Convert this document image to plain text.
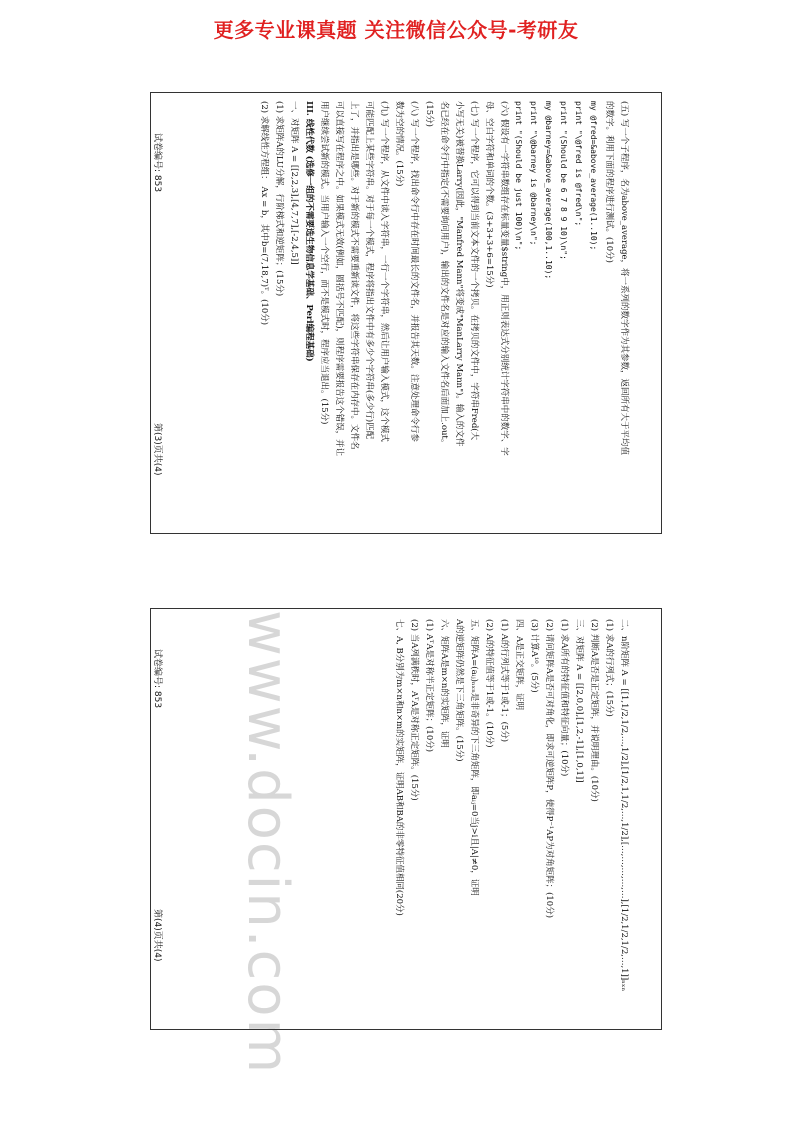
更多专业课真题 关注微信公众号-考研友
www.docin.com
(五) 写一个子程序，名为above_average，将一系列的数字作为其参数，返回所有大于平均值
的数字。利用下面的程序进行测试。(10分)
my @fred=&above_average(1..10);
print "\@fred is @fred\n";
print "(Should be 6 7 8 9 10)\n";
my @barney=&above_average(100,1..10);
print "\@barney is @barney\n";
print "(Should be just 100)\n";
(六) 假设有一字符串数组存在标量变量$string中，用正则表达式分别统计字符串中的数字、字
母、空白字符和单词的个数。(3+3+3+6=15分)
(七) 写一个程序，它可以得到当前文本文件的一个拷贝。在拷贝的文件中，字符串Fred(大
小写无关)被替换Larry(因此，"Manfred Mann"将变成"ManLarry Mann")。输入的文件
名已经在命令行中指定(不需要询问用户)，输出的文件名是对应的输入文件名后面加上.out。
(15分)
(八) 写一个程序，找出命令行中存在时间最长的文件名，并报告其天数。注意处理命令行参
数为空的情况。(15分)
(九) 写一个程序，从文件中读入字符串，一行一个字符串，然后让用户输入模式，这个模式
可能匹配上某些字符串。对于每一个模式，程序将指出文件中有多少个字符串(多少行)匹配
上了，并指出是哪些。对于新的模式不需要重新读文件，将这些字符串保存在内存中。文件名
可以直接写在程序之中。如果模式无效(例如，圆括号不匹配)，则程序需要报告这个错误，并让
用户继续尝试新的模式。当用户输入一个空行，而不是模式时，程序应当退出。(15分)
III. 线性代数 (选修一组的不需要选生物信息学基础、Perl编程基础)
一、对矩阵 A = [[2,2,3],[4,7,7],[-2,4,5]]
(1) 求矩阵A的LU分解，行阶梯式和逆矩阵；(15分)
(2) 求解线性方程组： Ax = b，其中b=(7,18,7)ᵀ。(10分)
试卷编号: 853
第(3)页共(4)
二、n阶矩阵 A = [[1,1/2,1/2,…,1/2],[1/2,1,1/2,…,1/2],[…,…,…,…,…],[1/2,1/2,1/2,…,1]]ₙₓₙ
(1) 求A的行列式；(15分)
(2) 判断A是否是正定矩阵，并说明理由。(10分)
三、对矩阵 A = [[2,0,0],[1,2,-1],[1,0,1]]
(1) 求A所有的特征值和特征向量；(10分)
(2) 请问矩阵A是否可对角化，即求可逆矩阵P，使得P⁻¹AP为对角矩阵；(10分)
(3) 计算A¹⁰。(5分)
四、A是正交矩阵，证明
(1) A的行列式等于1或-1；(5分)
(2) A的特征值等于1或-1。(10分)
五、矩阵A=(aᵢⱼ)ₙₓₙ是非奇异的下三角矩阵，即aᵢⱼ=0当j>i且|A|≠0，证明
A的逆矩阵仍然是下三角矩阵。(15分)
六、矩阵A是m×n的实矩阵，证明
(1) AᵀA是对称半正定矩阵；(10分)
(2) 当A列满秩时，AᵀA是对称正定矩阵。(15分)
七、A, B分别为m×n和n×m的实矩阵，证明AB和BA的非零特征值相同(20分)
试卷编号: 853
第(4)页共(4)
